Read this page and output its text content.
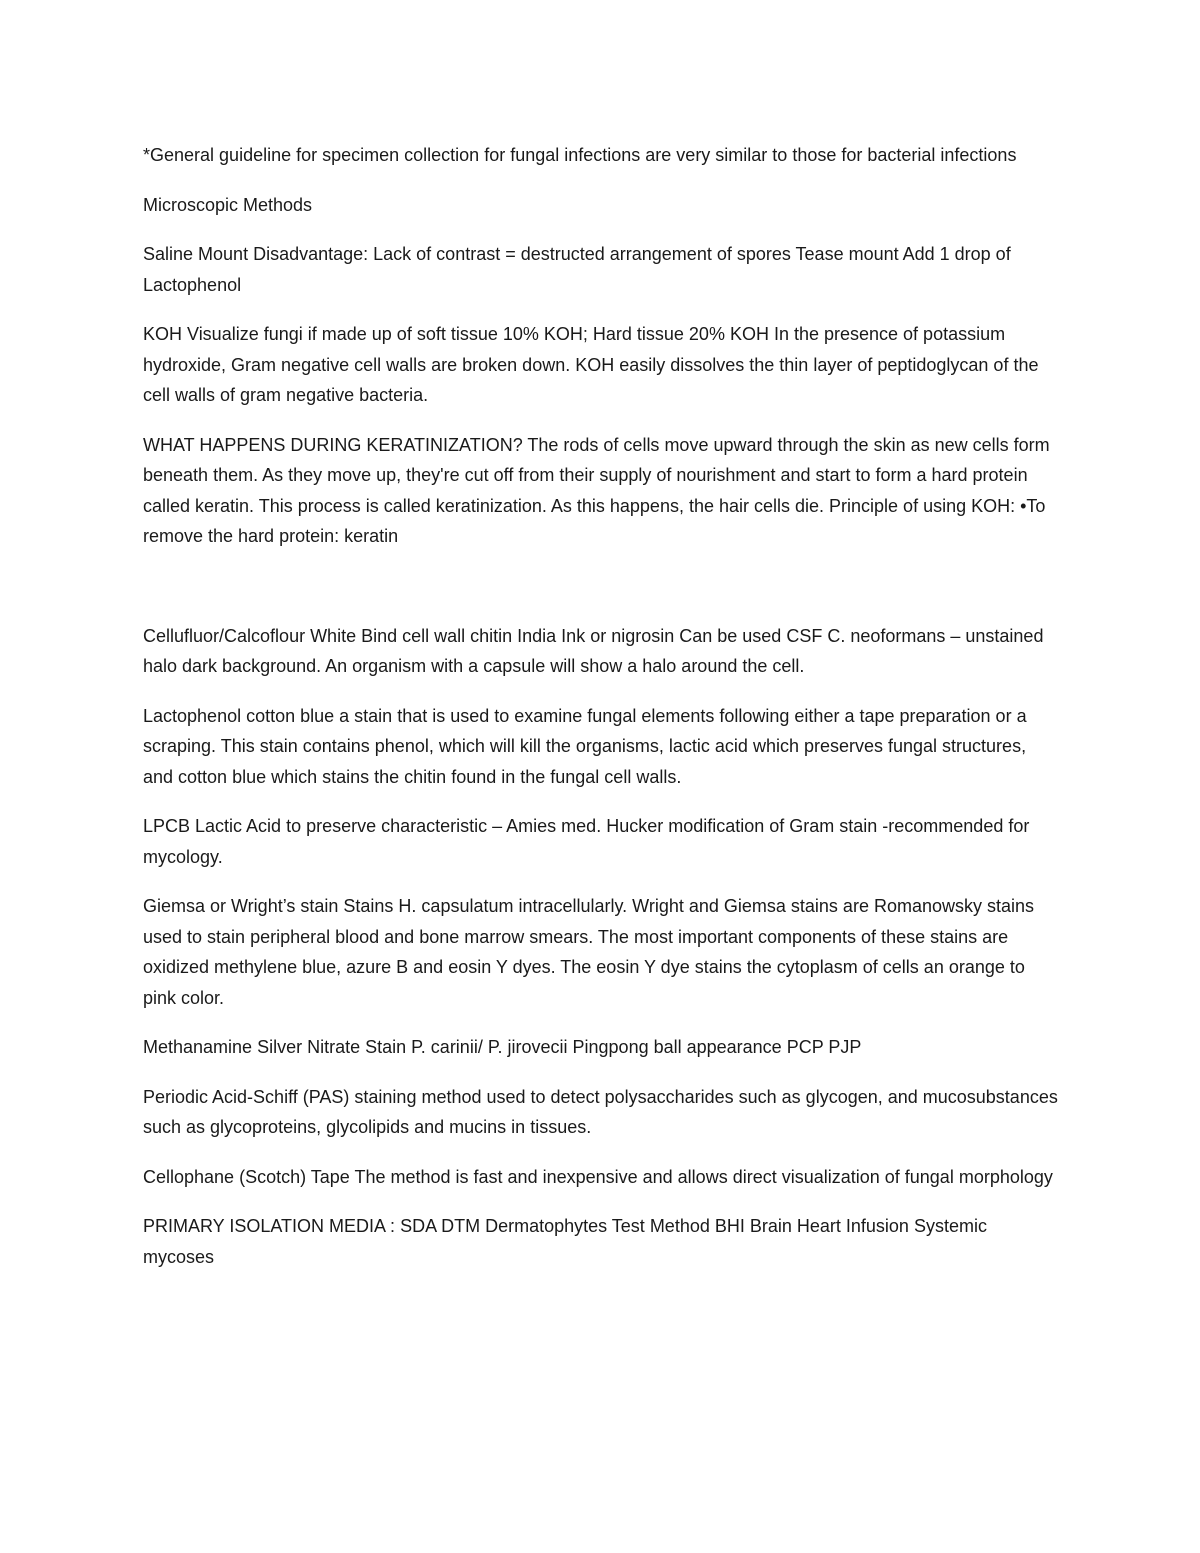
*General guideline for specimen collection for fungal infections are very similar to those for bacterial infections

Microscopic Methods

Saline Mount Disadvantage: Lack of contrast = destructed arrangement of spores Tease mount Add 1 drop of Lactophenol

KOH Visualize fungi if made up of soft tissue 10% KOH; Hard tissue 20% KOH In the presence of potassium hydroxide, Gram negative cell walls are broken down. KOH easily dissolves the thin layer of peptidoglycan of the cell walls of gram negative bacteria.

WHAT HAPPENS DURING KERATINIZATION? The rods of cells move upward through the skin as new cells form beneath them. As they move up, they're cut off from their supply of nourishment and start to form a hard protein called keratin. This process is called keratinization. As this happens, the hair cells die. Principle of using KOH: •To remove the hard protein: keratin

Cellufluor/Calcoflour White Bind cell wall chitin India Ink or nigrosin Can be used CSF C. neoformans – unstained halo dark background. An organism with a capsule will show a halo around the cell.

Lactophenol cotton blue a stain that is used to examine fungal elements following either a tape preparation or a scraping. This stain contains phenol, which will kill the organisms, lactic acid which preserves fungal structures, and cotton blue which stains the chitin found in the fungal cell walls.

LPCB Lactic Acid to preserve characteristic – Amies med. Hucker modification of Gram stain -recommended for mycology.

Giemsa or Wright’s stain Stains H. capsulatum intracellularly. Wright and Giemsa stains are Romanowsky stains used to stain peripheral blood and bone marrow smears. The most important components of these stains are oxidized methylene blue, azure B and eosin Y dyes. The eosin Y dye stains the cytoplasm of cells an orange to pink color.

Methanamine Silver Nitrate Stain P. carinii/ P. jirovecii Pingpong ball appearance PCP PJP

Periodic Acid-Schiff (PAS) staining method used to detect polysaccharides such as glycogen, and mucosubstances such as glycoproteins, glycolipids and mucins in tissues.

Cellophane (Scotch) Tape The method is fast and inexpensive and allows direct visualization of fungal morphology

PRIMARY ISOLATION MEDIA : SDA DTM Dermatophytes Test Method BHI Brain Heart Infusion Systemic mycoses
